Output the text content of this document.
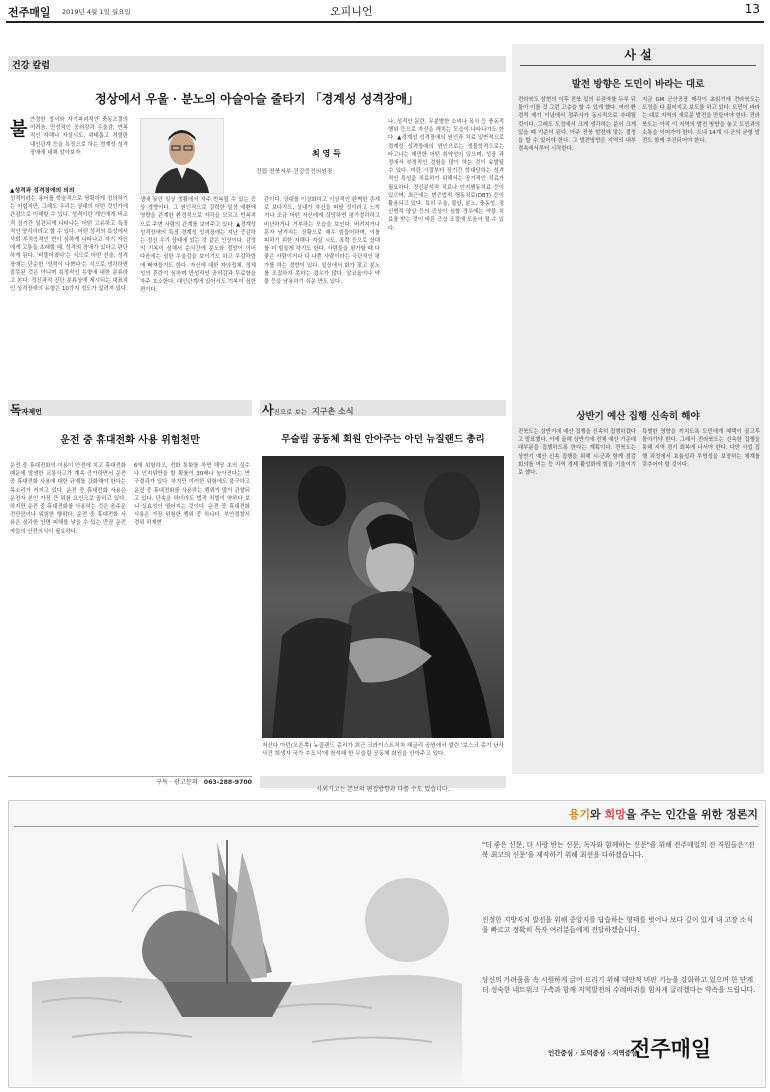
전주매일 2019년 4월 1일 월요일	오피니언	13
건강 칼럼
정상에서 우울 · 분노의 아슬아슬 줄타기 「경계성 성격장애」
불 안정한 정서와 자기파괴적인 충동조절의 어려움, 만성적인 공허감과 우울감, 반복적인 자해나 자살시도, 위태롭고 격렬한 대인관계 등을 특징으로 하는 경계성 성격장애에 대해 알아보자.
▲성격과 성격장애의 의의
성격이라는 용어를 학술적으로 명확하게 정의하기는 어렵지만, 그래도 우리는 상대의 어떤 것인가에 관점으로 이해할 수 있다. 성격이란 개인에게 비교적 장기간 일관되게 나타나는 어떤 고유하고 특징적인 양식이라고 할 수 있다. 어떤 성격의 특성에서 사회 부적응적인 면이 심하게 나타나고 자기 자신에게 고통을 초래할 때, 성격의 장애가 있다고 판단하게 된다. '비뚤어졌다'는 식으로 어떤 진술, 성격장애는 단순한 '성격이 나쁘다'는 식으로 생각하면 잘못된 것은 아니며 특정적인 유형에 대한 분류라고 본다. 정신과적 진단 분류상에 제시되는 대표적인 성격장애의 유형은 10가지 정도가 알려져 있다.
최 영 득
건립 전북지부 건강증진의원장
생애 동안 일상 생활에서 자주 반복될 수 있는 증상 경향이다. 그 원인적으로 강력한 일상 애환에 영향을 관계한 환경적으로 자각을 모르고 반복적으로 주변 사람의 관계를 보여주고 있다. ▲경계성 성격장애의 특징 경계성 성격장애는 지난 증감하는 정신 우기 상태에 있는 것 같은 인상이다. 감정의 기복이 심해서 순식간에 분노와 절망이 이어 다음에는 심한 우울감을 보이기도 하고 무감각함에 빠져들기도 한다. 자신에 대한 자아정체, 정체성의 혼란이 심하며 만성적인 공허감과 무료함을 자주 호소한다. 대인관계에 있어서도 기복이 심한 편이다.
관이다. 상대를 이상화하고 이상적인 완벽한 존재로 보다가도, 상대가 자신을 떠날 것이라고 느끼거나 조금 어떤 자신에게 실망하면 평가절하하고 비난하거나 거부하는 모습을 보인다. 버려지거나 혼자 남겨지는 상황으로 매우 힘들어하며, 이를 피하기 위한 자해나 자살 시도, 폭력 등으로 상대를 더 힘들게 하기도 한다. 사람들을 평가할 때 다 좋은 사람이거나 다 나쁜 사람이라는 극단적인 평가를 하는 경향이 있다. 일상에서 화가 잦고 분노를 조절하지 못하는 경우가 많다. 알코올이나 약물 등을 남용하기 쉬운 면도 있다.
나, 성적인 문란, 무분별한 소비나 폭식 등 충동적 행위 등으로 자신을 해치는 모습이 나타나기도 한다. ▲경계성 성격장애의 원인과 치료 일반적으로 경계성 성격장애의 원인으로는 생물학적으로는 타고나는 예민한 어떤 취약성이 있으며, 성장 과정에서 부정적인 경험을 많이 하는 것이 유발될 수 있다. 어린 시절부터 장기간 학대당하는 성격적인 특성을 치료하기 위해서는 장기적인 치료가 필요하다. 정신분석적 치료나 인지행동치료 등이 있으며, 최근에는 변증법적 행동치료(DBT) 등이 활용되고 있다. 특히 우울, 불안, 분노, 충동성, 정신병적 양상 등의 증상이 심할 경우에는 약물 치료를 받는 것이 바른 증상 조절에 도움이 될 수 있다.
사 설
발전 방향은 도민이 바라는 대로
전라북도 삼현의 이후 전북 일의 유권자를 두루 뒤돌아 이를 것 그런 고층을 할 수 있게 했다. 여러 환경적 제기 이념에서 정주사가 동시적으로 추대될 것이다. 그래도 도정에서 크게 생각하는 분이 크게 있을 때 기준이 된다. 아주 전북 발전에 맞는 결정을 할 수 있어야 한다. 그 발전방향은 지역의 내부 결속에서부터 시작한다.
지금 GM 군산공장 매각이 초읽기에 전라북도는 도정을 다 짊어지고 보도를 하고 있다. 도민이 바라는 대로 지역의 새로운 발전을 만들어야 한다. 전라북도는 아직 이 지역의 발전 방향을 놓고 도민과의 소통을 이어가야 한다. 도내 14개 시·군의 균형 발전도 함께 추진되어야 한다.
상반기 예산 집행 신속히 해야
전북도는 상반기에 예산 집행을 신속히 집행하겠다고 발표했다. 이에 올해 상반기에 전체 예산 가운데 대부분을 집행하도록 한다는 계획이다. 전북도는 상반기 예산 신속 집행을 위해 시·군과 함께 점검 회의를 여는 등 지역 경제 활성화에 힘을 기울이기로 했다.
특별한 영향을 끼치도록 도민에게 혜택이 골고루 돌아가야 한다. 그래서 전라북도는 신속한 집행을 통해 지역 경기 회복에 나서야 한다. 다만 사업 집행 과정에서 효율성과 투명성을 보장하는 체계를 갖추어야 할 것이다.
독자제언
운전 중 휴대전화 사용 위험천만
운전 중 휴대전화의 이용이 안전에 치고 휴대전화 때문에 발생한 교통사고가 계속 증가하면서 운전 중 휴대전화 사용에 대한 규제를 강화해야 한다는 목소리가 커지고 있다. 운전 중 휴대전화 사용은 운전자 본인 가장 큰 위험 요인으로 꼽히고 있다. 하지만 운전 중 휴대전화를 사용하는 것은 음주운전만큼이나 위험한 행위다. 운전 중 휴대전화 사용은 심각한 인명 피해를 낳을 수 있는 만큼 운전자들의 안전의식이 필요하다.
6에 위험하고, 전화 통화를 하면 해당 초의 실수나 인지위반을 할 확률이 30배나 높아진다는 연구결과가 있다. 하지만 이러한 위험에도 불구하고 운전 중 휴대전화를 사용하는 행위가 많이 관찰되고 있다. 단속을 하더라도 법적 처벌이 약하다 보니 실효성이 떨어지는 것이다. 운전 중 휴대전화 사용은 가장 위험한 행위 중 하나다. 부안경찰서 경위 허재현
구독 · 광고문의 063-288-9700
사진으로 보는 지구촌 소식
무슬림 공동체 회원 안아주는 아던 뉴질랜드 총리
저신다 아던(오른쪽) 뉴질랜드 총리가 최근 크라이스트처치 해글리 공원에서 열린 '보스크 총기 난사 사건 희생자 국가 추도식'에 참석해 한 무슬림 공동체 회원을 안아주고 있다.
사외기고는 본보의 편집방향과 다를 수도 있습니다.
용기와 희망을 주는 인간을 위한 정론지
"더 좋은 신문, 더 사랑 받는 신문, 독자와 함께하는 신문"을 위해 전주매일의 전 직원들은 '전북 최고의 신문'을 제작하기 위해 최선을 다하겠습니다.
진정한 지방자치 발전을 위해 중앙지를 답습하는 형태를 벗어나 보다 깊이 있게 내 고장 소식을 빠르고 정확히 독자 여러분들에게 전달하겠습니다.
당신의 가려움을 속 시원하게 긁어 드리기 위해 대안적 비판 기능을 강화하고 있으며 한 단계 더 성숙한 네트워크 구축과 함께 지역발전의 수레바퀴를 힘차게 굴리겠다는 약속을 드립니다.
인간중심 · 도덕중심 · 지역중심
전주매일
